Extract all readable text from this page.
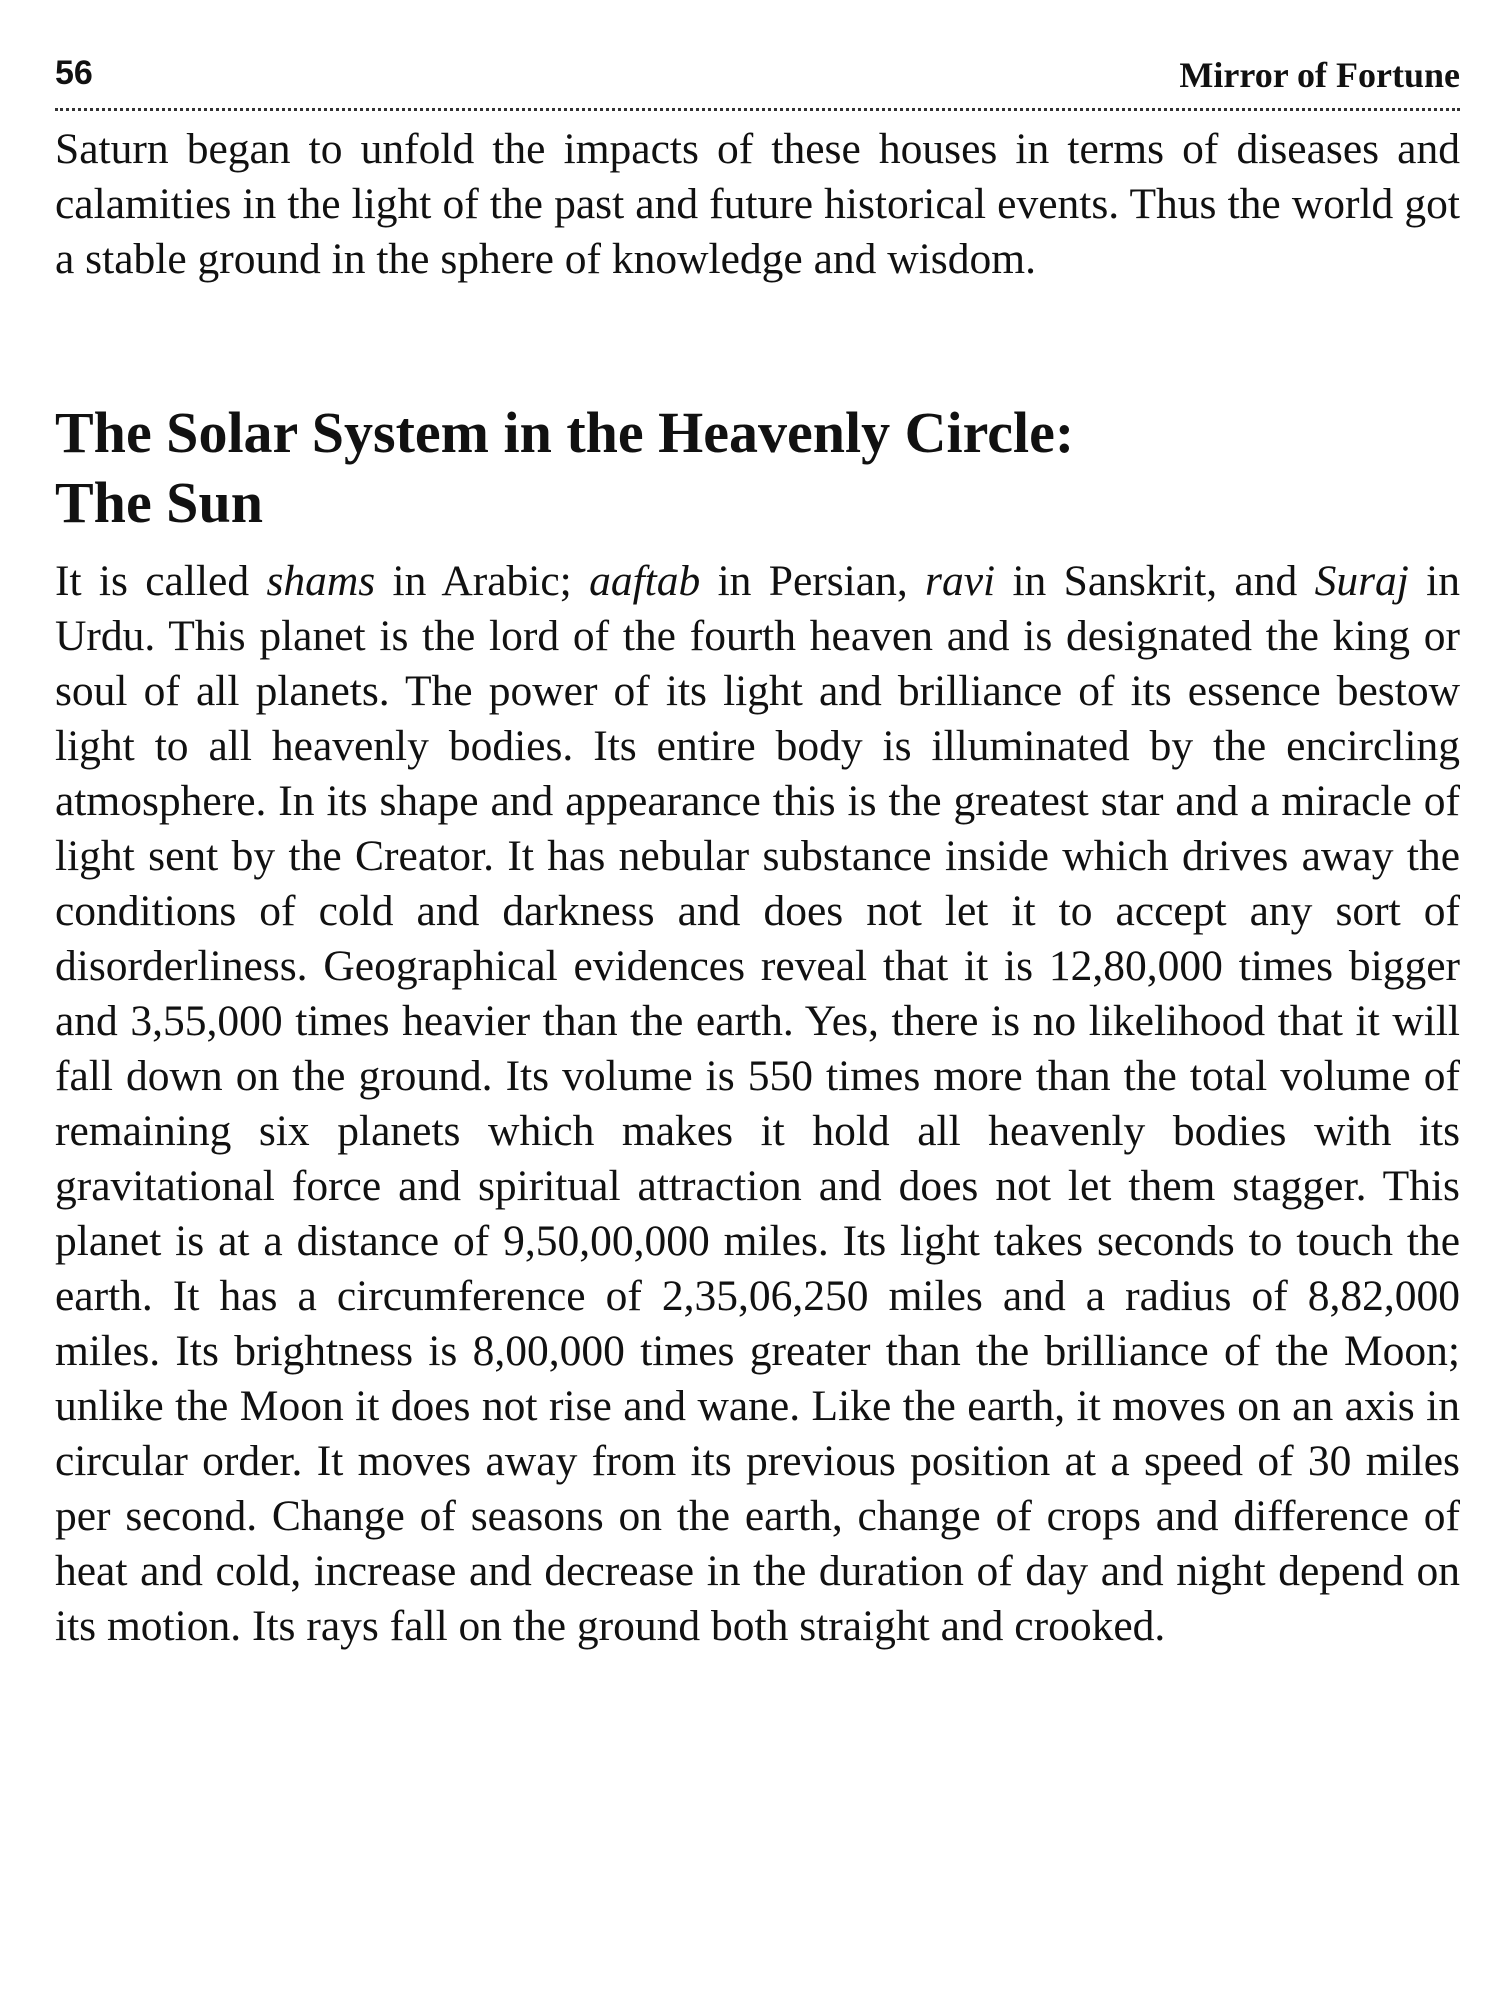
56	Mirror of Fortune

Saturn began to unfold the impacts of these houses in terms of diseases and calamities in the light of the past and future historical events. Thus the world got a stable ground in the sphere of knowledge and wisdom.

The Solar System in the Heavenly Circle:
The Sun

It is called shams in Arabic; aaftab in Persian, ravi in Sanskrit, and Suraj in Urdu. This planet is the lord of the fourth heaven and is designated the king or soul of all planets. The power of its light and brilliance of its essence bestow light to all heavenly bodies. Its entire body is illuminated by the encircling atmosphere. In its shape and appearance this is the greatest star and a miracle of light sent by the Creator. It has nebular substance inside which drives away the conditions of cold and darkness and does not let it to accept any sort of disorderliness. Geographical evidences reveal that it is 12,80,000 times bigger and 3,55,000 times heavier than the earth. Yes, there is no likelihood that it will fall down on the ground. Its volume is 550 times more than the total volume of remaining six planets which makes it hold all heavenly bodies with its gravitational force and spiritual attraction and does not let them stagger. This planet is at a distance of 9,50,00,000 miles. Its light takes seconds to touch the earth. It has a circumference of 2,35,06,250 miles and a radius of 8,82,000 miles. Its brightness is 8,00,000 times greater than the brilliance of the Moon; unlike the Moon it does not rise and wane. Like the earth, it moves on an axis in circular order. It moves away from its previous position at a speed of 30 miles per second. Change of seasons on the earth, change of crops and difference of heat and cold, increase and decrease in the duration of day and night depend on its motion. Its rays fall on the ground both straight and crooked.
